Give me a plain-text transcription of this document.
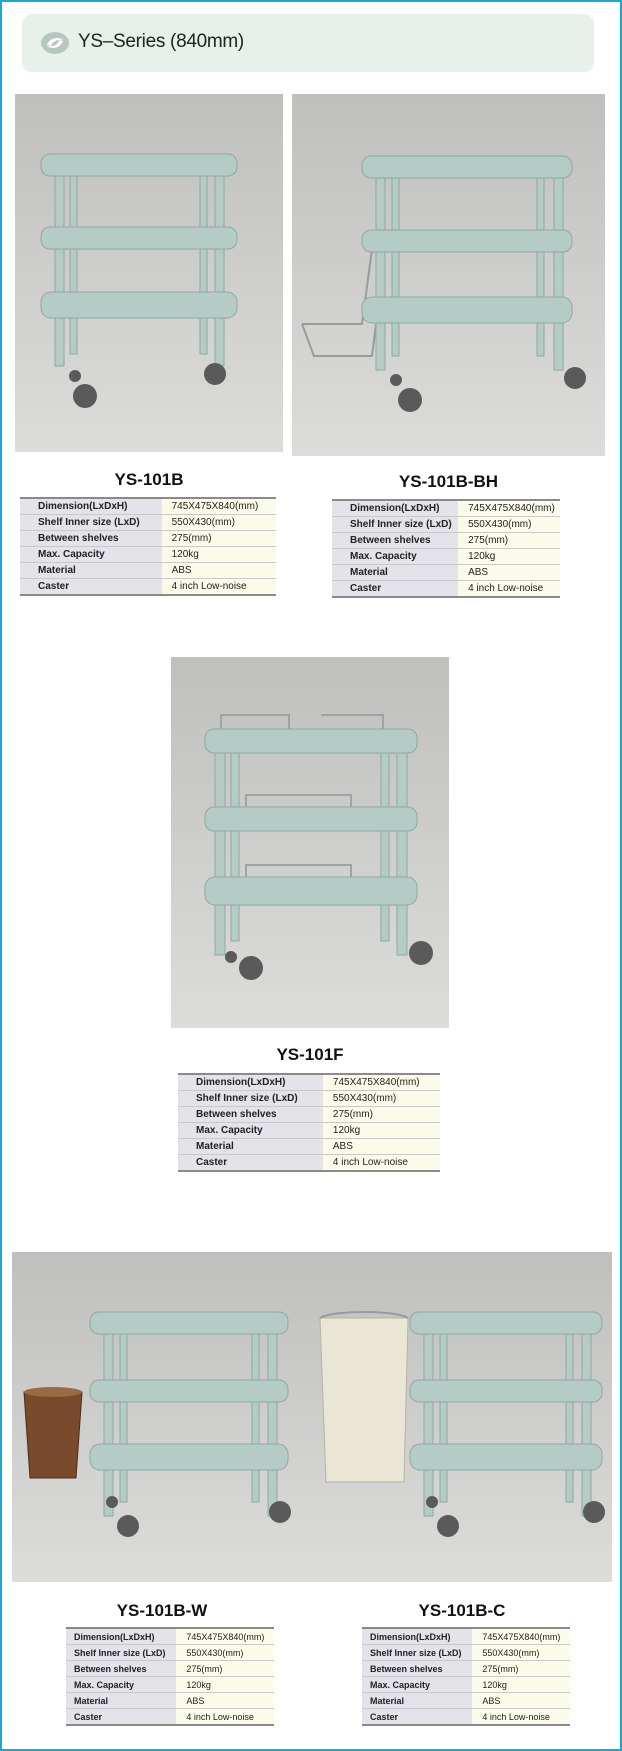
YS–Series (840mm)
YS-101B
Dimension(LxDxH)	745X475X840(mm)
Shelf Inner size (LxD)	550X430(mm)
Between shelves	275(mm)
Max. Capacity	120kg
Material	ABS
Caster	4 inch Low-noise
YS-101B-BH
Dimension(LxDxH)	745X475X840(mm)
Shelf Inner size (LxD)	550X430(mm)
Between shelves	275(mm)
Max. Capacity	120kg
Material	ABS
Caster	4 inch Low-noise
YS-101F
Dimension(LxDxH)	745X475X840(mm)
Shelf Inner size (LxD)	550X430(mm)
Between shelves	275(mm)
Max. Capacity	120kg
Material	ABS
Caster	4 inch Low-noise
YS-101B-W
Dimension(LxDxH)	745X475X840(mm)
Shelf Inner size (LxD)	550X430(mm)
Between shelves	275(mm)
Max. Capacity	120kg
Material	ABS
Caster	4 inch Low-noise
YS-101B-C
Dimension(LxDxH)	745X475X840(mm)
Shelf Inner size (LxD)	550X430(mm)
Between shelves	275(mm)
Max. Capacity	120kg
Material	ABS
Caster	4 inch Low-noise
